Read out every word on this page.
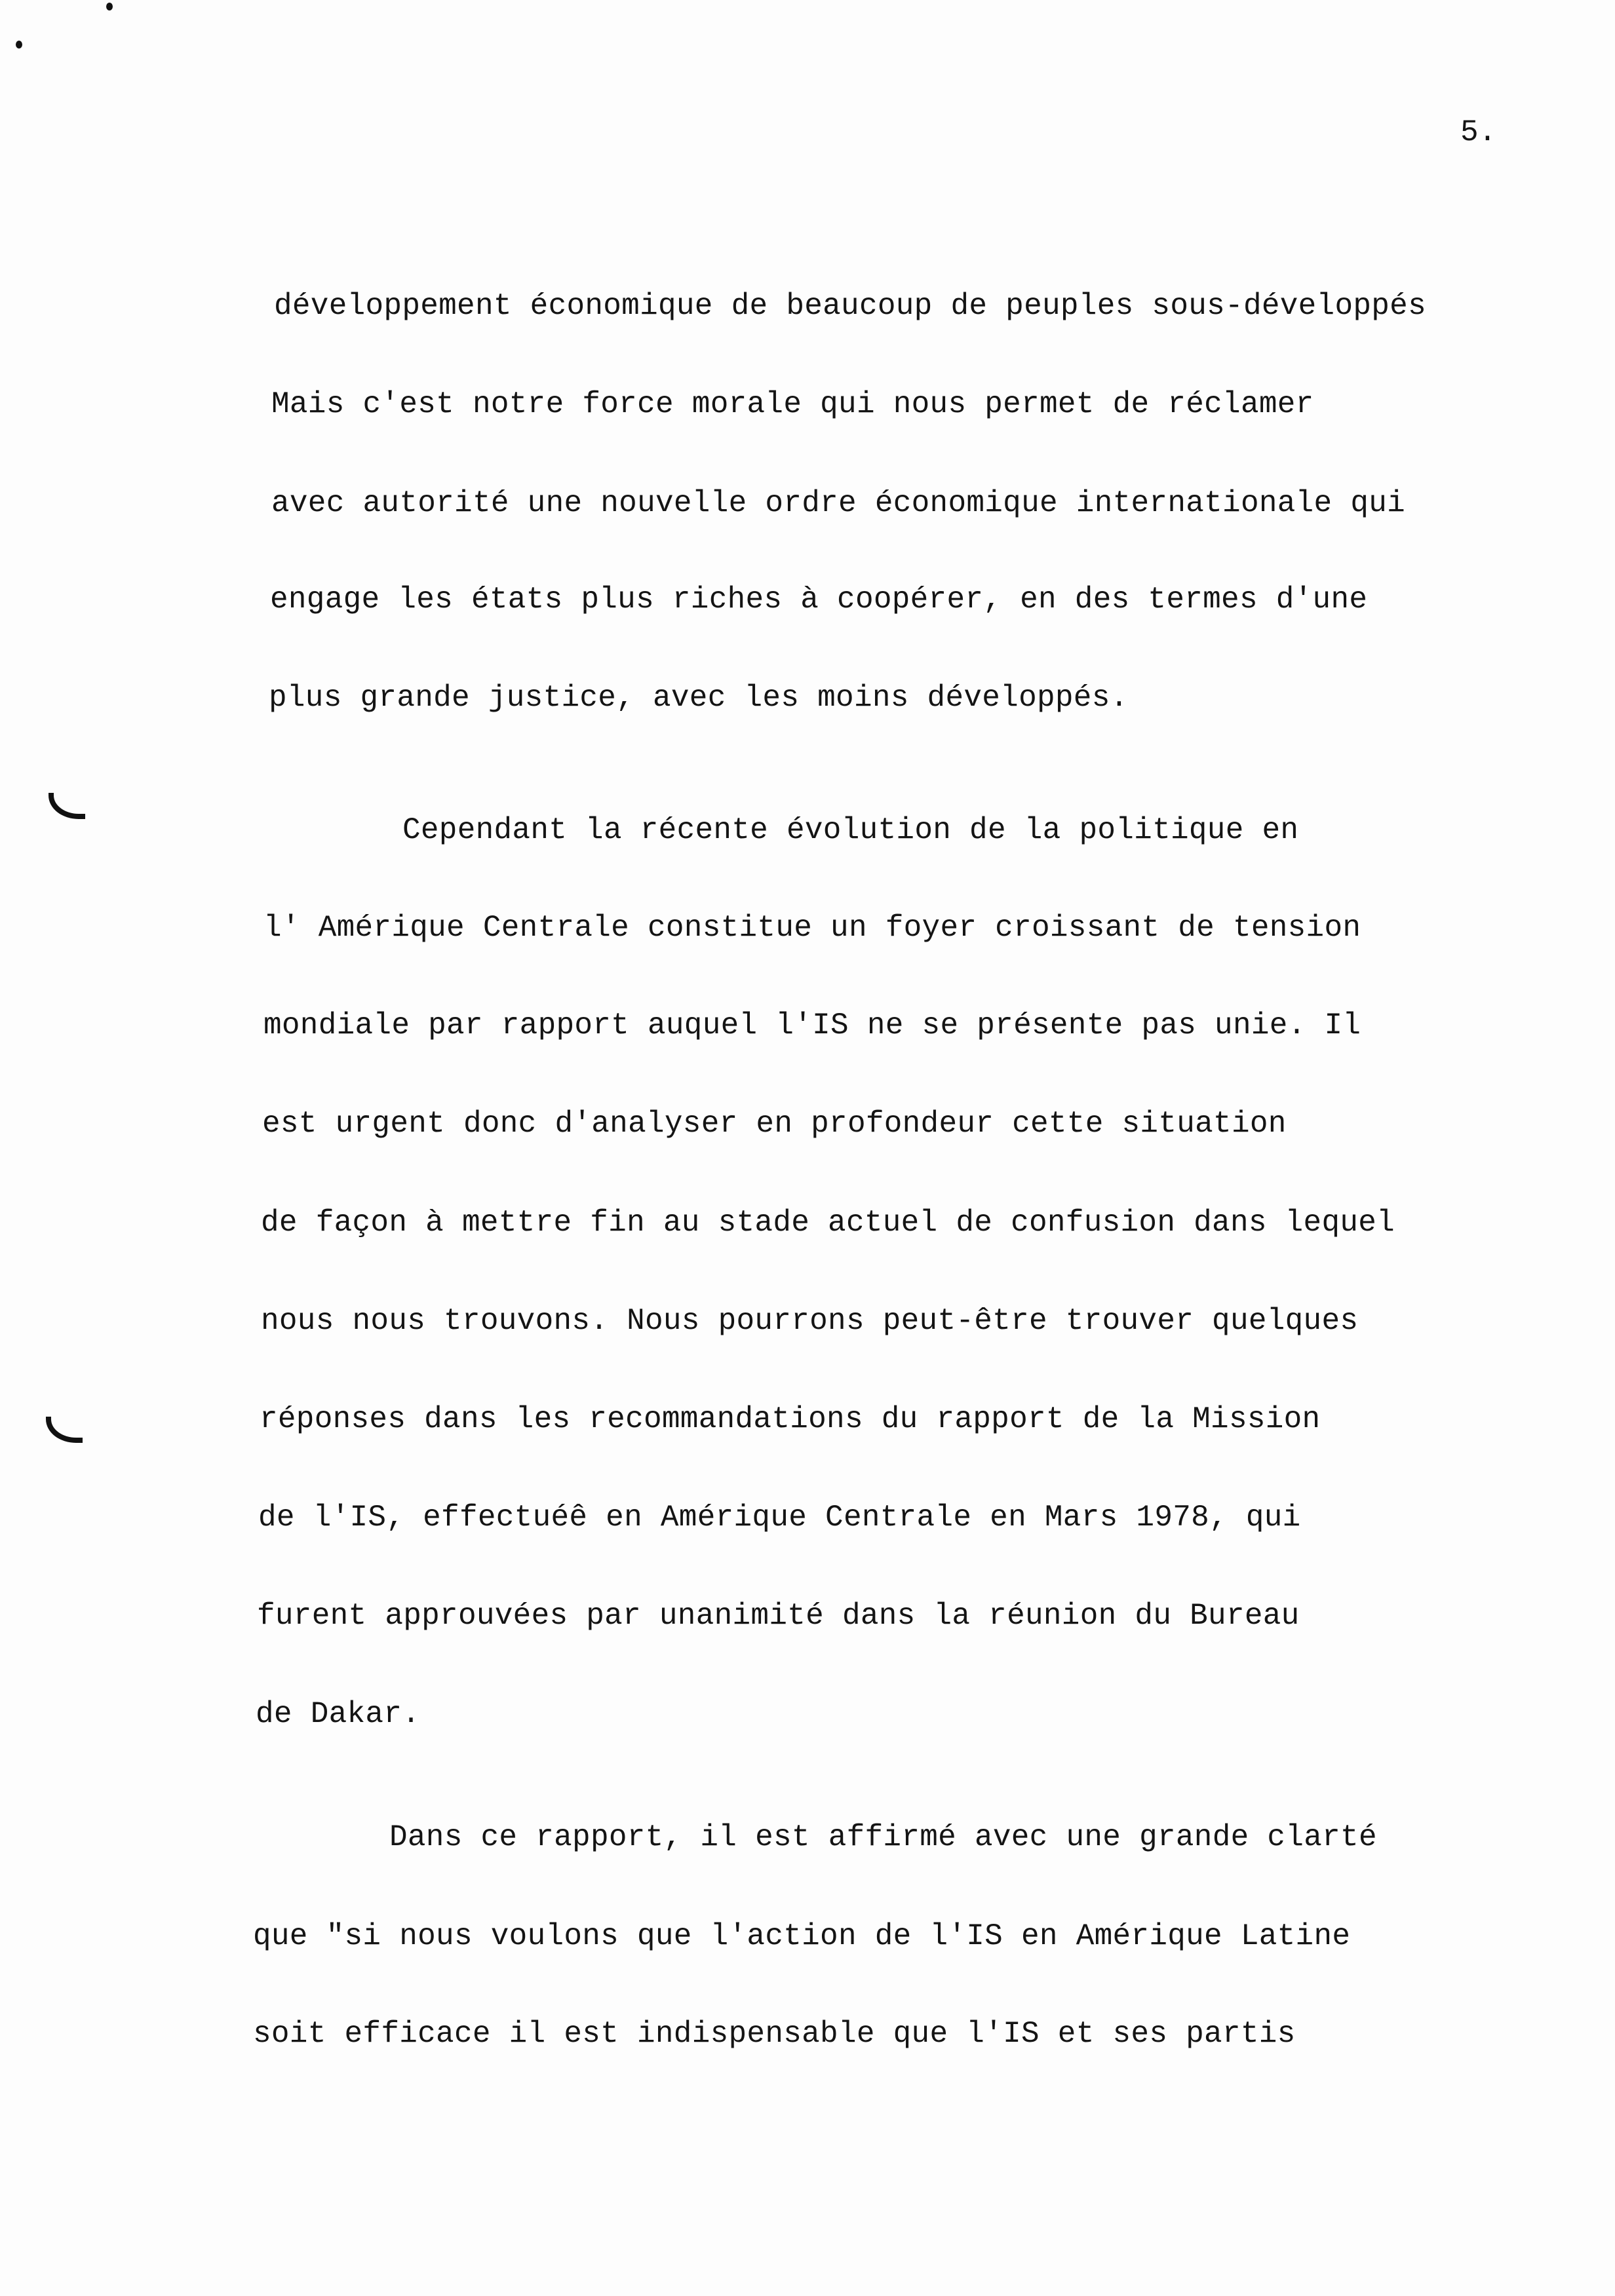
5.
développement économique de beaucoup de peuples sous-développés
Mais c'est notre force morale qui nous permet de réclamer
avec autorité une nouvelle ordre économique internationale qui
engage les états plus riches à coopérer, en des termes d'une
plus grande justice, avec les moins développés.
Cependant la récente évolution de la politique en
l' Amérique Centrale constitue un foyer croissant de tension
mondiale par rapport auquel l'IS ne se présente pas unie. Il
est urgent donc d'analyser en profondeur cette situation
de façon à mettre fin au stade actuel de confusion dans lequel
nous nous trouvons. Nous pourrons peut-être trouver quelques
réponses dans les recommandations du rapport de la Mission
de l'IS, effectuéê en Amérique Centrale en Mars 1978, qui
furent approuvées par unanimité dans la réunion du Bureau
de Dakar.
Dans ce rapport, il est affirmé avec une grande clarté
que "si nous voulons que l'action de l'IS en Amérique Latine
soit efficace il est indispensable que l'IS et ses partis
